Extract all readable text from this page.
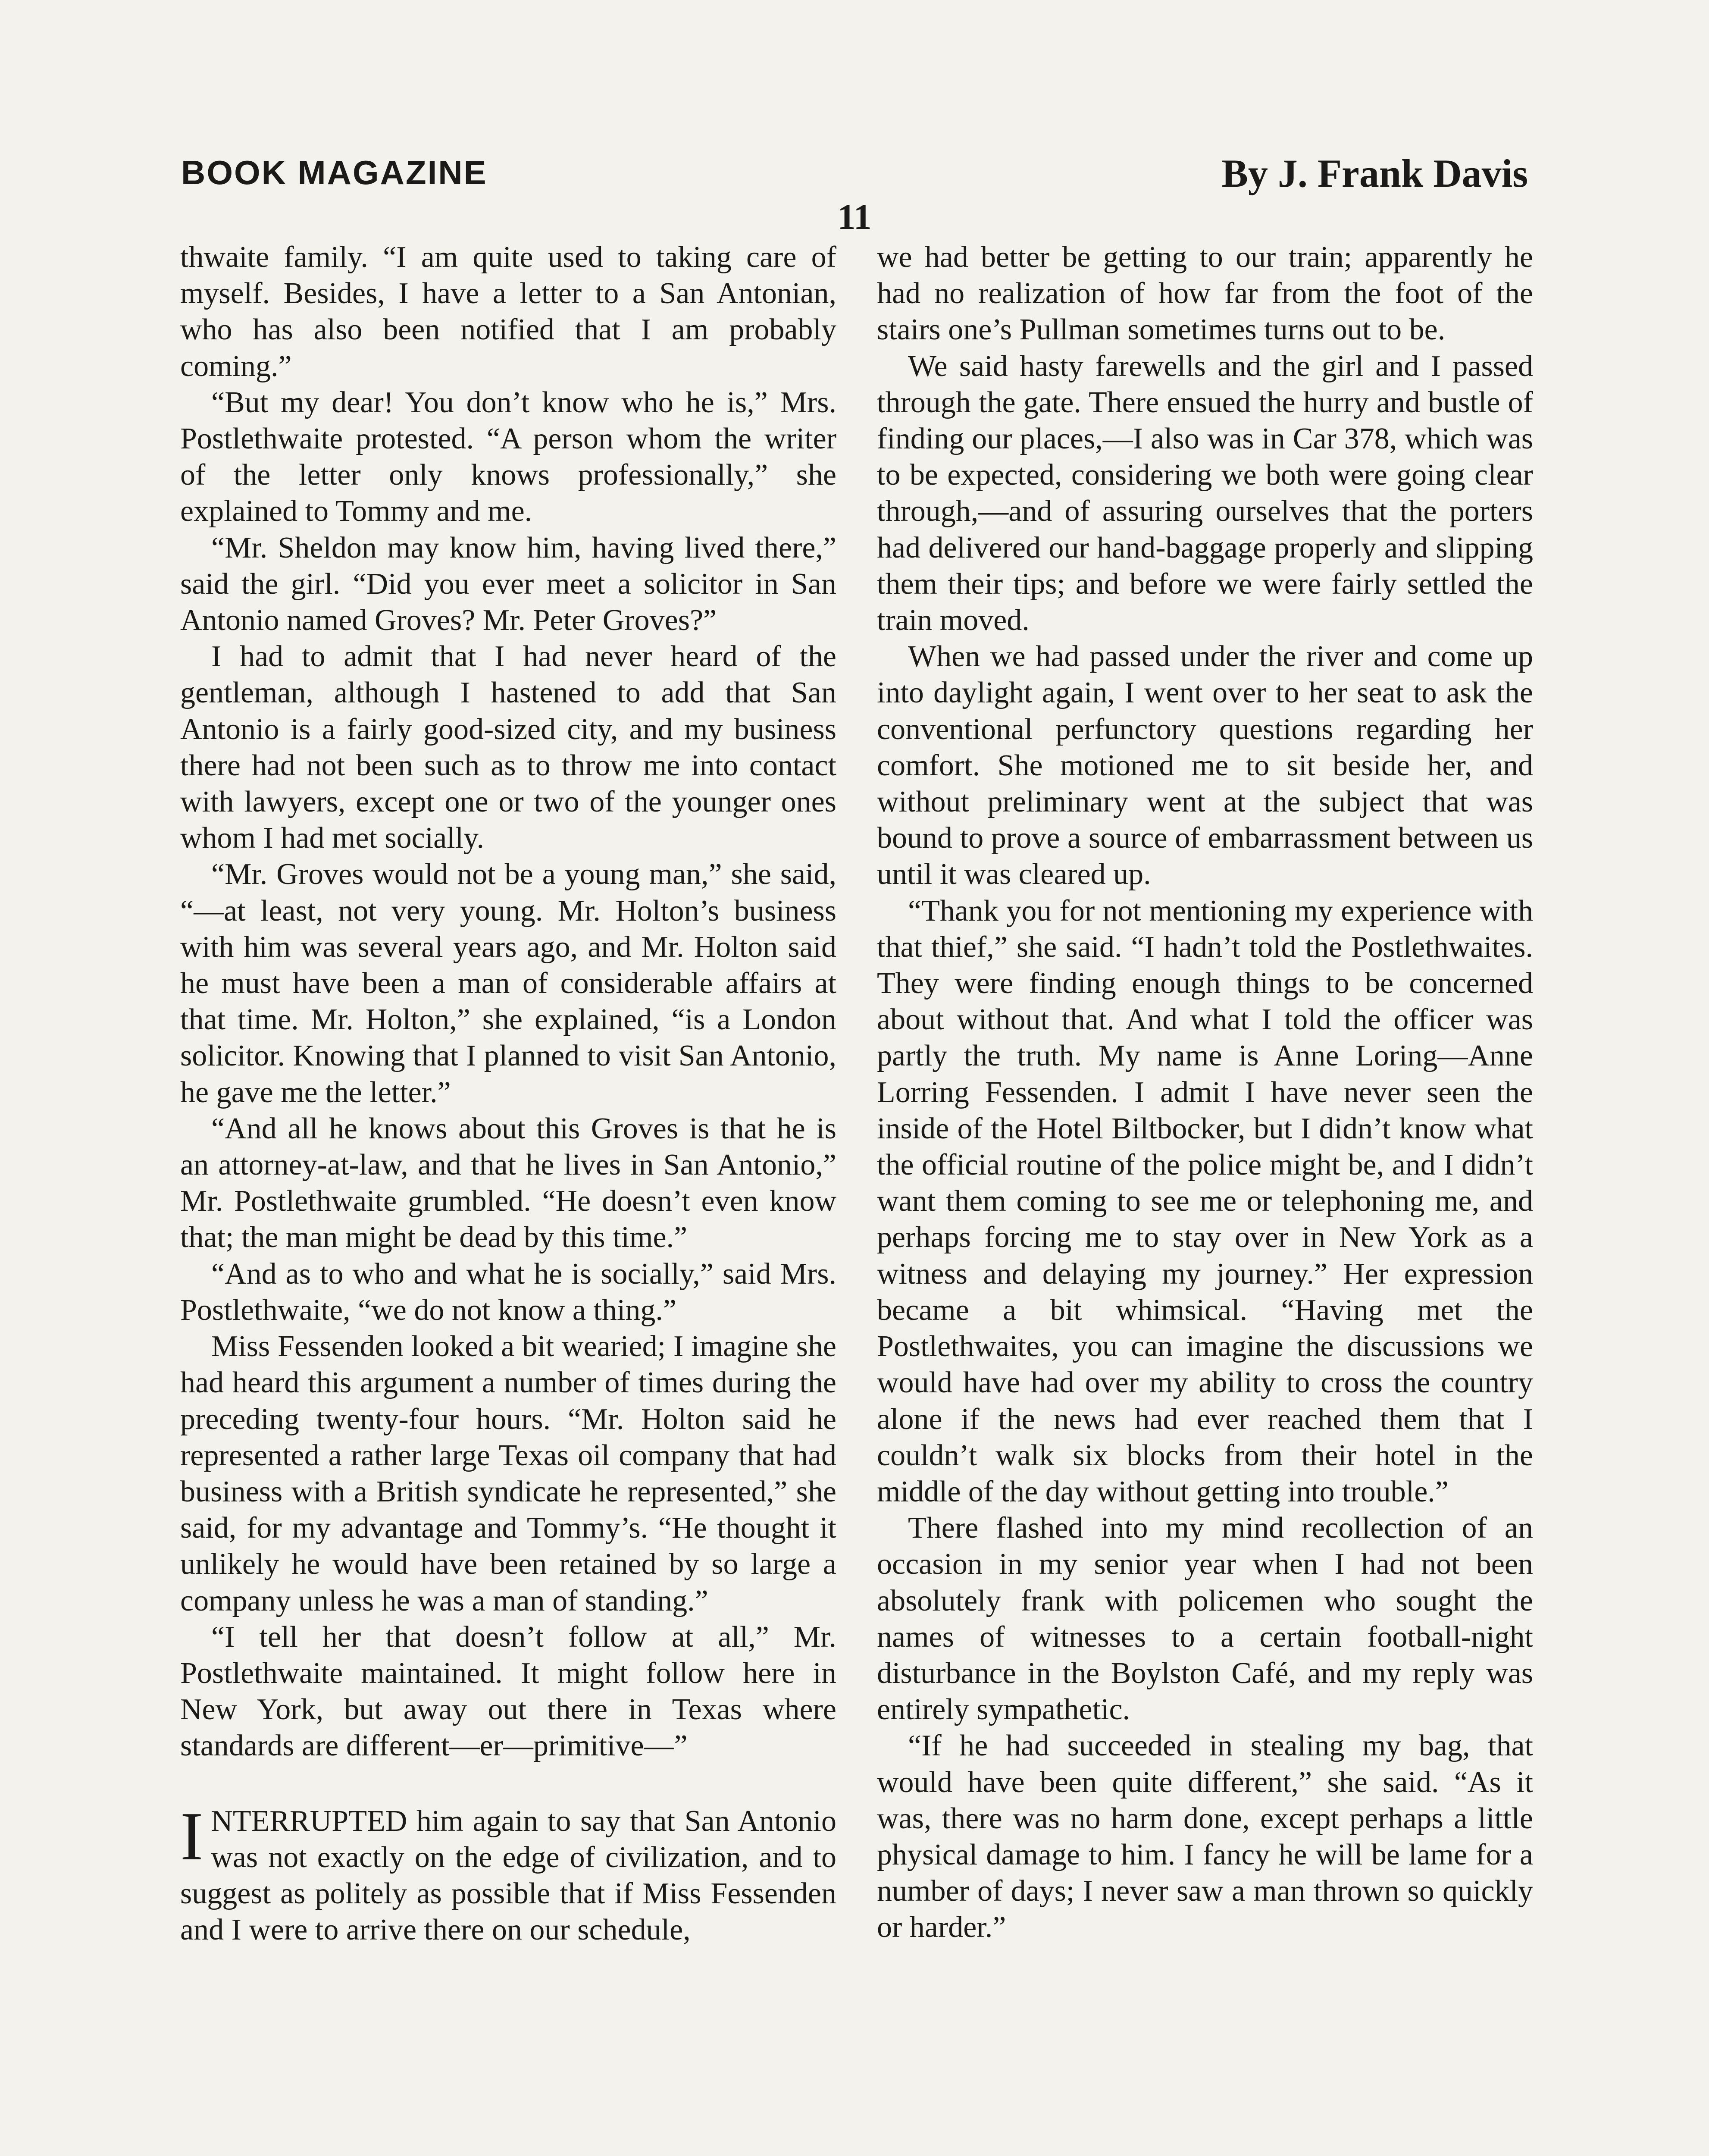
BOOK MAGAZINE	By J. Frank Davis
11

thwaite family. “I am quite used to taking care of myself. Besides, I have a letter to a San Antonian, who has also been notified that I am probably coming.”

“But my dear! You don’t know who he is,” Mrs. Postlethwaite protested. “A person whom the writer of the letter only knows professionally,” she explained to Tommy and me.

“Mr. Sheldon may know him, having lived there,” said the girl. “Did you ever meet a solicitor in San Antonio named Groves? Mr. Peter Groves?”

I had to admit that I had never heard of the gentleman, although I hastened to add that San Antonio is a fairly good-sized city, and my business there had not been such as to throw me into contact with lawyers, except one or two of the younger ones whom I had met socially.

“Mr. Groves would not be a young man,” she said, “—at least, not very young. Mr. Holton’s business with him was several years ago, and Mr. Holton said he must have been a man of considerable affairs at that time. Mr. Holton,” she explained, “is a London solicitor. Knowing that I planned to visit San Antonio, he gave me the letter.”

“And all he knows about this Groves is that he is an attorney-at-law, and that he lives in San Antonio,” Mr. Postlethwaite grumbled. “He doesn’t even know that; the man might be dead by this time.”

“And as to who and what he is socially,” said Mrs. Postlethwaite, “we do not know a thing.”

Miss Fessenden looked a bit wearied; I imagine she had heard this argument a number of times during the preceding twenty-four hours. “Mr. Holton said he represented a rather large Texas oil company that had business with a British syndicate he represented,” she said, for my advantage and Tommy’s. “He thought it unlikely he would have been retained by so large a company unless he was a man of standing.”

“I tell her that doesn’t follow at all,” Mr. Postlethwaite maintained. It might follow here in New York, but away out there in Texas where standards are different—er—primitive—”

INTERRUPTED him again to say that San Antonio was not exactly on the edge of civilization, and to suggest as politely as possible that if Miss Fessenden and I were to arrive there on our schedule,

we had better be getting to our train; apparently he had no realization of how far from the foot of the stairs one’s Pullman sometimes turns out to be.

We said hasty farewells and the girl and I passed through the gate. There ensued the hurry and bustle of finding our places,—I also was in Car 378, which was to be expected, considering we both were going clear through,—and of assuring ourselves that the porters had delivered our hand-baggage properly and slipping them their tips; and before we were fairly settled the train moved.

When we had passed under the river and come up into daylight again, I went over to her seat to ask the conventional perfunctory questions regarding her comfort. She motioned me to sit beside her, and without preliminary went at the subject that was bound to prove a source of embarrassment between us until it was cleared up.

“Thank you for not mentioning my experience with that thief,” she said. “I hadn’t told the Postlethwaites. They were finding enough things to be concerned about without that. And what I told the officer was partly the truth. My name is Anne Loring—Anne Lorring Fessenden. I admit I have never seen the inside of the Hotel Biltbocker, but I didn’t know what the official routine of the police might be, and I didn’t want them coming to see me or telephoning me, and perhaps forcing me to stay over in New York as a witness and delaying my journey.” Her expression became a bit whimsical. “Having met the Postlethwaites, you can imagine the discussions we would have had over my ability to cross the country alone if the news had ever reached them that I couldn’t walk six blocks from their hotel in the middle of the day without getting into trouble.”

There flashed into my mind recollection of an occasion in my senior year when I had not been absolutely frank with policemen who sought the names of witnesses to a certain football-night disturbance in the Boylston Café, and my reply was entirely sympathetic.

“If he had succeeded in stealing my bag, that would have been quite different,” she said. “As it was, there was no harm done, except perhaps a little physical damage to him. I fancy he will be lame for a number of days; I never saw a man thrown so quickly or harder.”
